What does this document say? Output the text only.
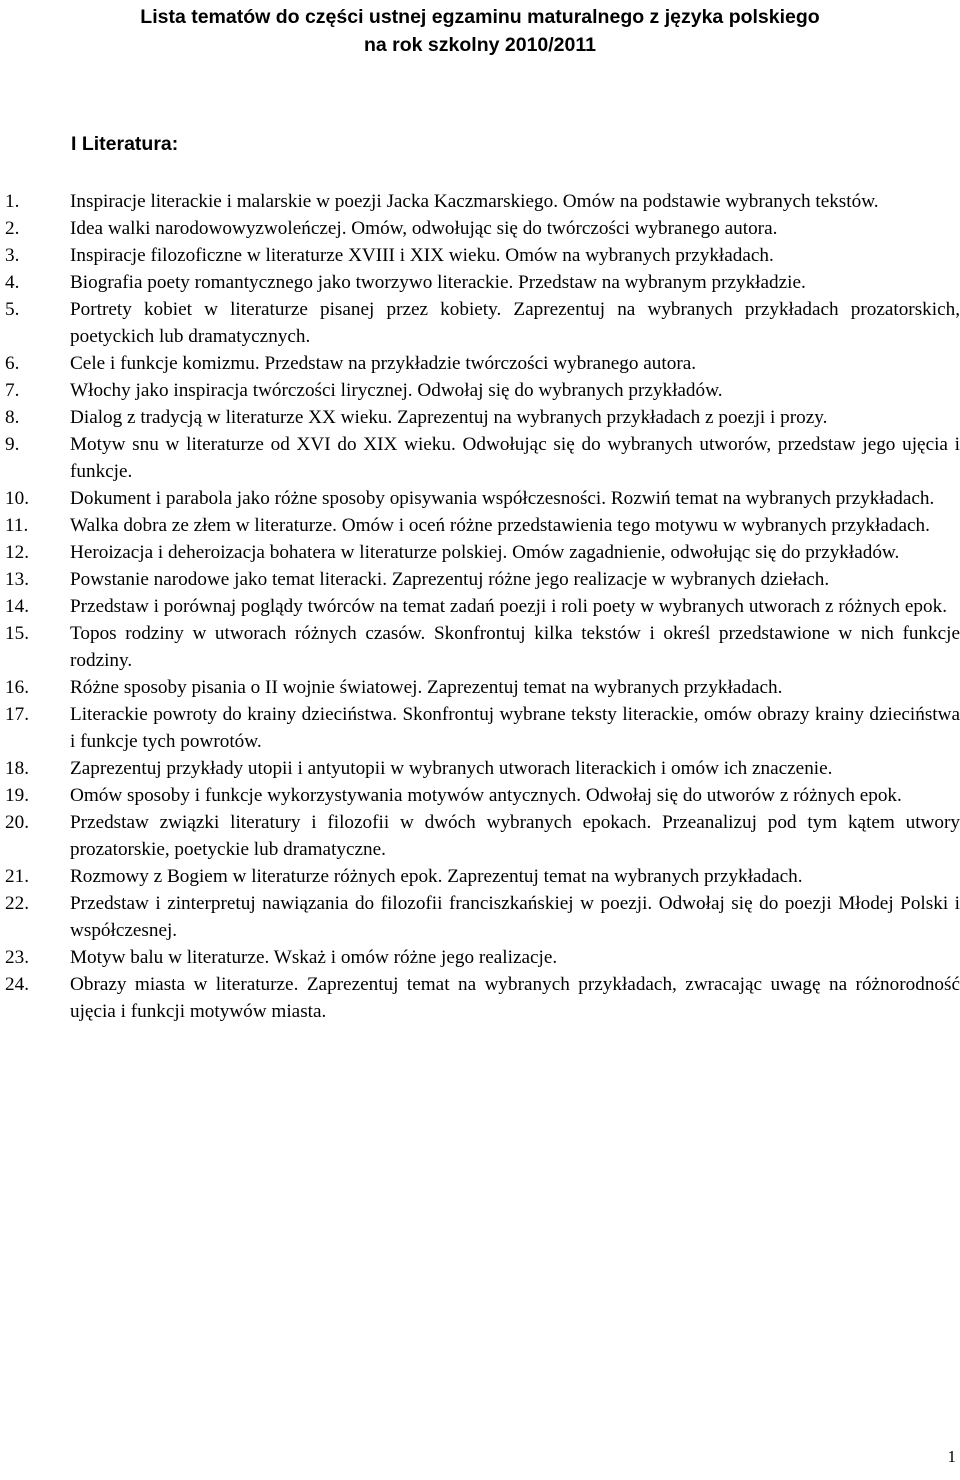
Lista tematów do części ustnej egzaminu maturalnego z języka polskiego
na rok szkolny 2010/2011
I Literatura:
1.	Inspiracje literackie i malarskie w poezji Jacka Kaczmarskiego. Omów na podstawie wybranych tekstów.
2.	Idea walki narodowowyzwoleńczej. Omów, odwołując się do twórczości wybranego autora.
3.	Inspiracje filozoficzne w literaturze XVIII i XIX wieku. Omów na wybranych przykładach.
4.	Biografia poety romantycznego jako tworzywo literackie. Przedstaw na wybranym przykładzie.
5.	Portrety kobiet w literaturze pisanej przez kobiety. Zaprezentuj na wybranych przykładach prozatorskich, poetyckich lub dramatycznych.
6.	Cele i funkcje komizmu. Przedstaw na przykładzie twórczości wybranego autora.
7.	Włochy jako inspiracja twórczości lirycznej. Odwołaj się do wybranych przykładów.
8.	Dialog z tradycją w literaturze XX wieku. Zaprezentuj na wybranych przykładach z poezji i prozy.
9.	Motyw snu w literaturze od XVI do XIX wieku. Odwołując się do wybranych utworów, przedstaw jego ujęcia i funkcje.
10.	Dokument i parabola jako różne sposoby opisywania współczesności. Rozwiń temat na wybranych przykładach.
11.	Walka dobra ze złem w literaturze. Omów i oceń różne przedstawienia tego motywu w wybranych przykładach.
12.	Heroizacja i deheroizacja bohatera w literaturze polskiej. Omów zagadnienie, odwołując się do przykładów.
13.	Powstanie narodowe jako temat literacki. Zaprezentuj różne jego realizacje w wybranych dziełach.
14.	Przedstaw i porównaj poglądy twórców na temat zadań poezji i roli poety w wybranych utworach z różnych epok.
15.	Topos rodziny w utworach różnych czasów. Skonfrontuj kilka tekstów i określ przedstawione w nich funkcje rodziny.
16.	Różne sposoby pisania o II wojnie światowej. Zaprezentuj temat na wybranych przykładach.
17.	Literackie powroty do krainy dzieciństwa. Skonfrontuj wybrane teksty literackie, omów obrazy krainy dzieciństwa i funkcje tych powrotów.
18.	Zaprezentuj przykłady utopii i antyutopii w wybranych utworach literackich i omów ich znaczenie.
19.	Omów sposoby i funkcje wykorzystywania motywów antycznych. Odwołaj się do utworów z różnych epok.
20.	Przedstaw związki literatury i filozofii w dwóch wybranych epokach. Przeanalizuj pod tym kątem utwory prozatorskie, poetyckie lub dramatyczne.
21.	Rozmowy z Bogiem w literaturze różnych epok. Zaprezentuj temat na wybranych przykładach.
22.	Przedstaw i zinterpretuj nawiązania do filozofii franciszkańskiej w poezji. Odwołaj się do poezji Młodej Polski i współczesnej.
23.	Motyw balu w literaturze. Wskaż i omów różne jego realizacje.
24.	Obrazy miasta w literaturze. Zaprezentuj temat na wybranych przykładach, zwracając uwagę na różnorodność ujęcia i funkcji motywów miasta.
1
